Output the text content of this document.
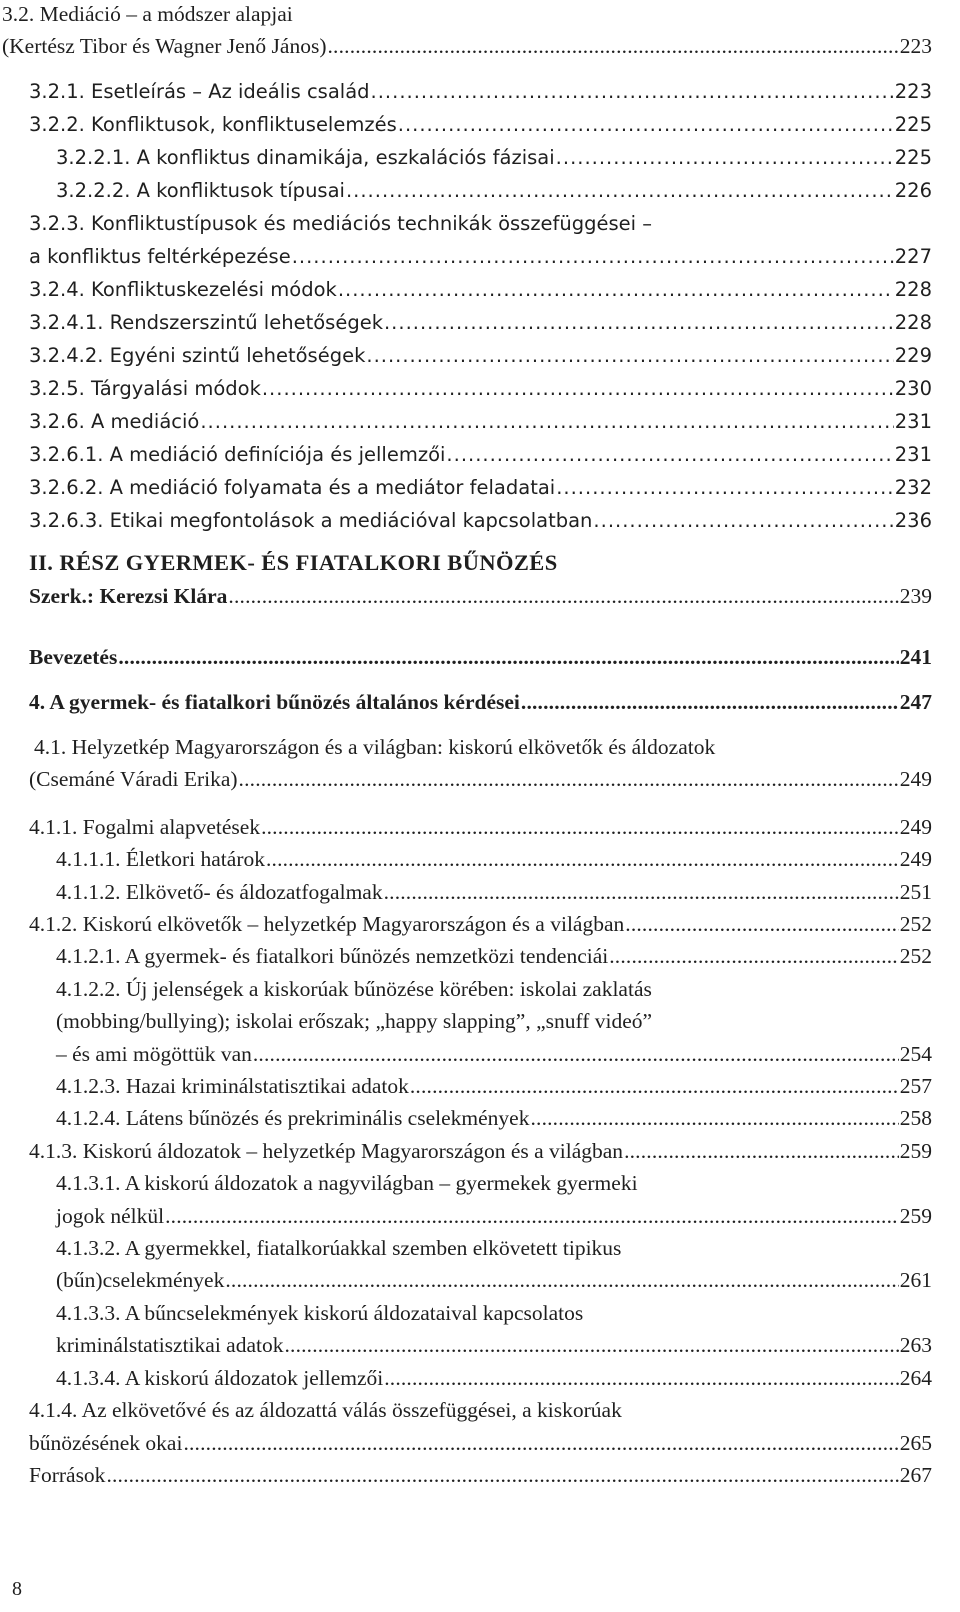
3.2. Mediáció – a módszer alapjai
(Kertész Tibor és Wagner Jenő János) . . .	223
3.2.1. Esetleírás – Az ideális család . . .	223
3.2.2. Konfliktusok, konfliktuselemzés . . .	225
3.2.2.1. A konfliktus dinamikája, eszkalációs fázisai . . .	225
3.2.2.2. A konfliktusok típusai . . .	226
3.2.3. Konfliktustípusok és mediációs technikák összefüggései –
a konfliktus feltérképezése . . .	227
3.2.4. Konfliktuskezelési módok . . .	228
3.2.4.1. Rendszerszintű lehetőségek . . .	228
3.2.4.2. Egyéni szintű lehetőségek . . .	229
3.2.5. Tárgyalási módok . . .	230
3.2.6. A mediáció . . .	231
3.2.6.1. A mediáció definíciója és jellemzői . . .	231
3.2.6.2. A mediáció folyamata és a mediátor feladatai . . .	232
3.2.6.3. Etikai megfontolások a mediációval kapcsolatban . . .	236
II. RÉSZ GYERMEK- ÉS FIATALKORI BŰNÖZÉS
Szerk.: Kerezsi Klára . . .	239
Bevezetés . . .	241
4. A gyermek- és fiatalkori bűnözés általános kérdései . . .	247
4.1. Helyzetkép Magyarországon és a világban: kiskorú elkövetők és áldozatok
(Csemáné Váradi Erika) . . .	249
4.1.1. Fogalmi alapvetések . . .	249
4.1.1.1. Életkori határok . . .	249
4.1.1.2. Elkövető- és áldozatfogalmak . . .	251
4.1.2. Kiskorú elkövetők – helyzetkép Magyarországon és a világban . . .	252
4.1.2.1. A gyermek- és fiatalkori bűnözés nemzetközi tendenciái . . .	252
4.1.2.2. Új jelenségek a kiskorúak bűnözése körében: iskolai zaklatás
(mobbing/bullying); iskolai erőszak; „happy slapping”, „snuff videó”
– és ami mögöttük van . . .	254
4.1.2.3. Hazai kriminálstatisztikai adatok . . .	257
4.1.2.4. Látens bűnözés és prekriminális cselekmények . . .	258
4.1.3. Kiskorú áldozatok – helyzetkép Magyarországon és a világban . . .	259
4.1.3.1. A kiskorú áldozatok a nagyvilágban – gyermekek gyermeki
jogok nélkül . . .	259
4.1.3.2. A gyermekkel, fiatalkorúakkal szemben elkövetett tipikus
(bűn)cselekmények . . .	261
4.1.3.3. A bűncselekmények kiskorú áldozataival kapcsolatos
kriminálstatisztikai adatok . . .	263
4.1.3.4. A kiskorú áldozatok jellemzői . . .	264
4.1.4. Az elkövetővé és az áldozattá válás összefüggései, a kiskorúak
bűnözésének okai . . .	265
Források . . .	267
8
